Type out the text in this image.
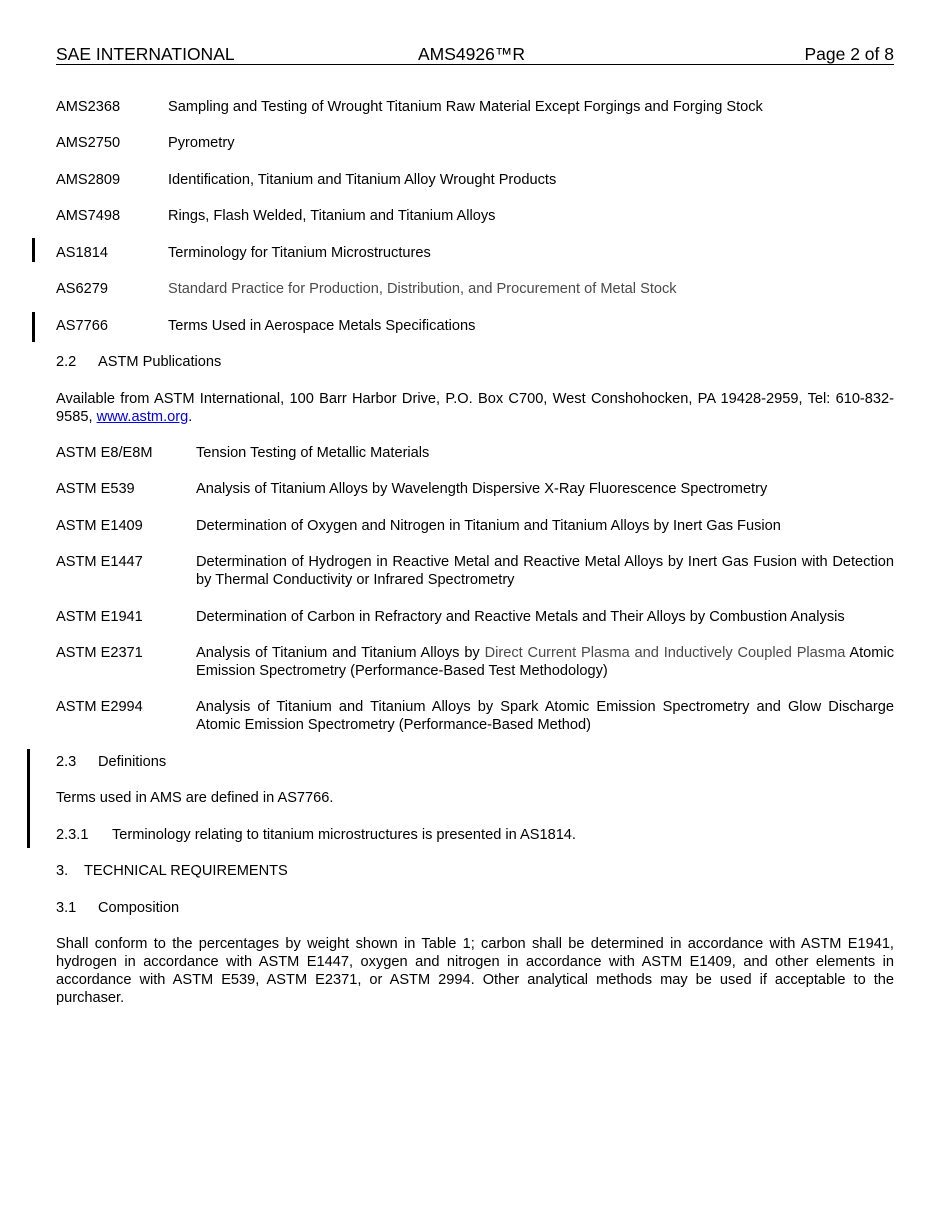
SAE INTERNATIONAL	AMS4926™R	Page 2 of 8
AMS2368	Sampling and Testing of Wrought Titanium Raw Material Except Forgings and Forging Stock
AMS2750	Pyrometry
AMS2809	Identification, Titanium and Titanium Alloy Wrought Products
AMS7498	Rings, Flash Welded, Titanium and Titanium Alloys
AS1814	Terminology for Titanium Microstructures
AS6279	Standard Practice for Production, Distribution, and Procurement of Metal Stock
AS7766	Terms Used in Aerospace Metals Specifications
2.2 ASTM Publications
Available from ASTM International, 100 Barr Harbor Drive, P.O. Box C700, West Conshohocken, PA 19428-2959, Tel: 610-832-9585, www.astm.org.
ASTM E8/E8M	Tension Testing of Metallic Materials
ASTM E539	Analysis of Titanium Alloys by Wavelength Dispersive X-Ray Fluorescence Spectrometry
ASTM E1409	Determination of Oxygen and Nitrogen in Titanium and Titanium Alloys by Inert Gas Fusion
ASTM E1447	Determination of Hydrogen in Reactive Metal and Reactive Metal Alloys by Inert Gas Fusion with Detection by Thermal Conductivity or Infrared Spectrometry
ASTM E1941	Determination of Carbon in Refractory and Reactive Metals and Their Alloys by Combustion Analysis
ASTM E2371	Analysis of Titanium and Titanium Alloys by Direct Current Plasma and Inductively Coupled Plasma Atomic Emission Spectrometry (Performance-Based Test Methodology)
ASTM E2994	Analysis of Titanium and Titanium Alloys by Spark Atomic Emission Spectrometry and Glow Discharge Atomic Emission Spectrometry (Performance-Based Method)
2.3 Definitions
Terms used in AMS are defined in AS7766.
2.3.1 Terminology relating to titanium microstructures is presented in AS1814.
3. TECHNICAL REQUIREMENTS
3.1 Composition
Shall conform to the percentages by weight shown in Table 1; carbon shall be determined in accordance with ASTM E1941, hydrogen in accordance with ASTM E1447, oxygen and nitrogen in accordance with ASTM E1409, and other elements in accordance with ASTM E539, ASTM E2371, or ASTM 2994. Other analytical methods may be used if acceptable to the purchaser.
